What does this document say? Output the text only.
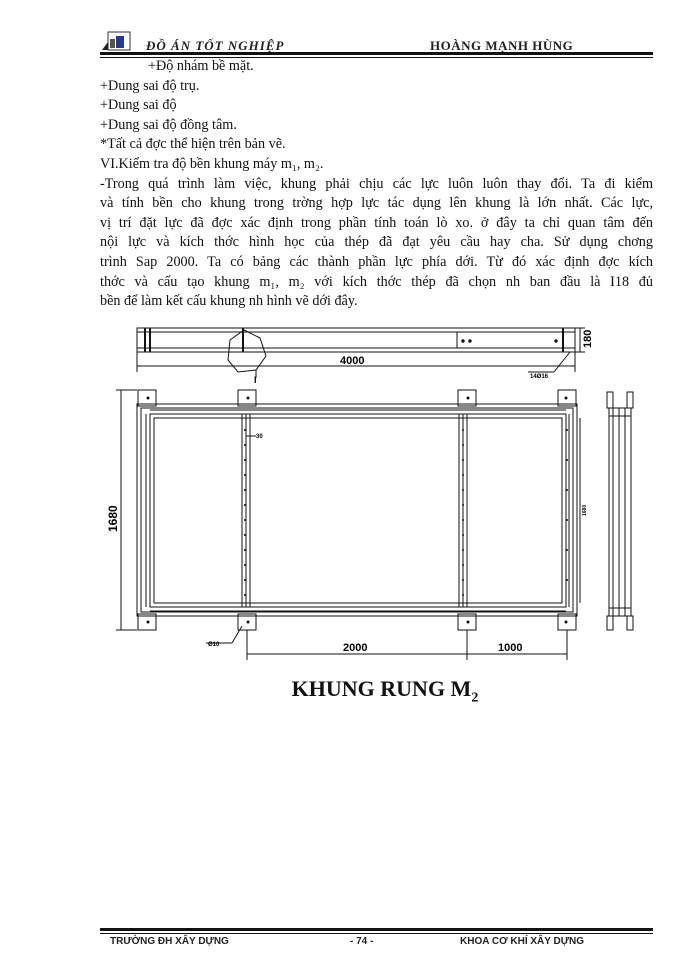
ĐỒ ÁN TỐT NGHIỆP	HOÀNG MẠNH HÙNG

+Độ nhám bề mặt.

+Dung sai độ trụ.

+Dung sai độ

+Dung sai độ đồng tâm.

*Tất cả đợc thể hiện trên bản vẽ.

VI.Kiểm tra độ bền khung máy m₁, m₂.

-Trong quá trình làm việc, khung phải chịu các lực luôn luôn thay đổi. Ta đi kiểm

và tính bền cho khung trong trờng hợp lực tác dụng lên khung là lớn nhất. Các lực,

vị trí đặt lực đã đợc xác định trong phần tính toán lò xo. ở đây ta chỉ quan tâm đến

nội lực và kích thớc hình học của thép đã đạt yêu cầu hay cha. Sử dụng chơng

trình Sap 2000. Ta có bảng các thành phần lực phía dới. Từ đó xác định đợc kích

thớc và cấu tạo khung m₁, m₂ với kích thớc thép đã chọn nh ban đầu là I18 đủ

bền để làm kết cấu khung nh hình vẽ dới đây.

4000
180
1680
2000	1000
I	14Ø16
Ø10
30
1680
KHUNG RUNG $M_2$
TRƯỜNG ĐH XÂY DỰNG	- 74 -	KHOA CƠ KHÍ XÂY DỰNG
